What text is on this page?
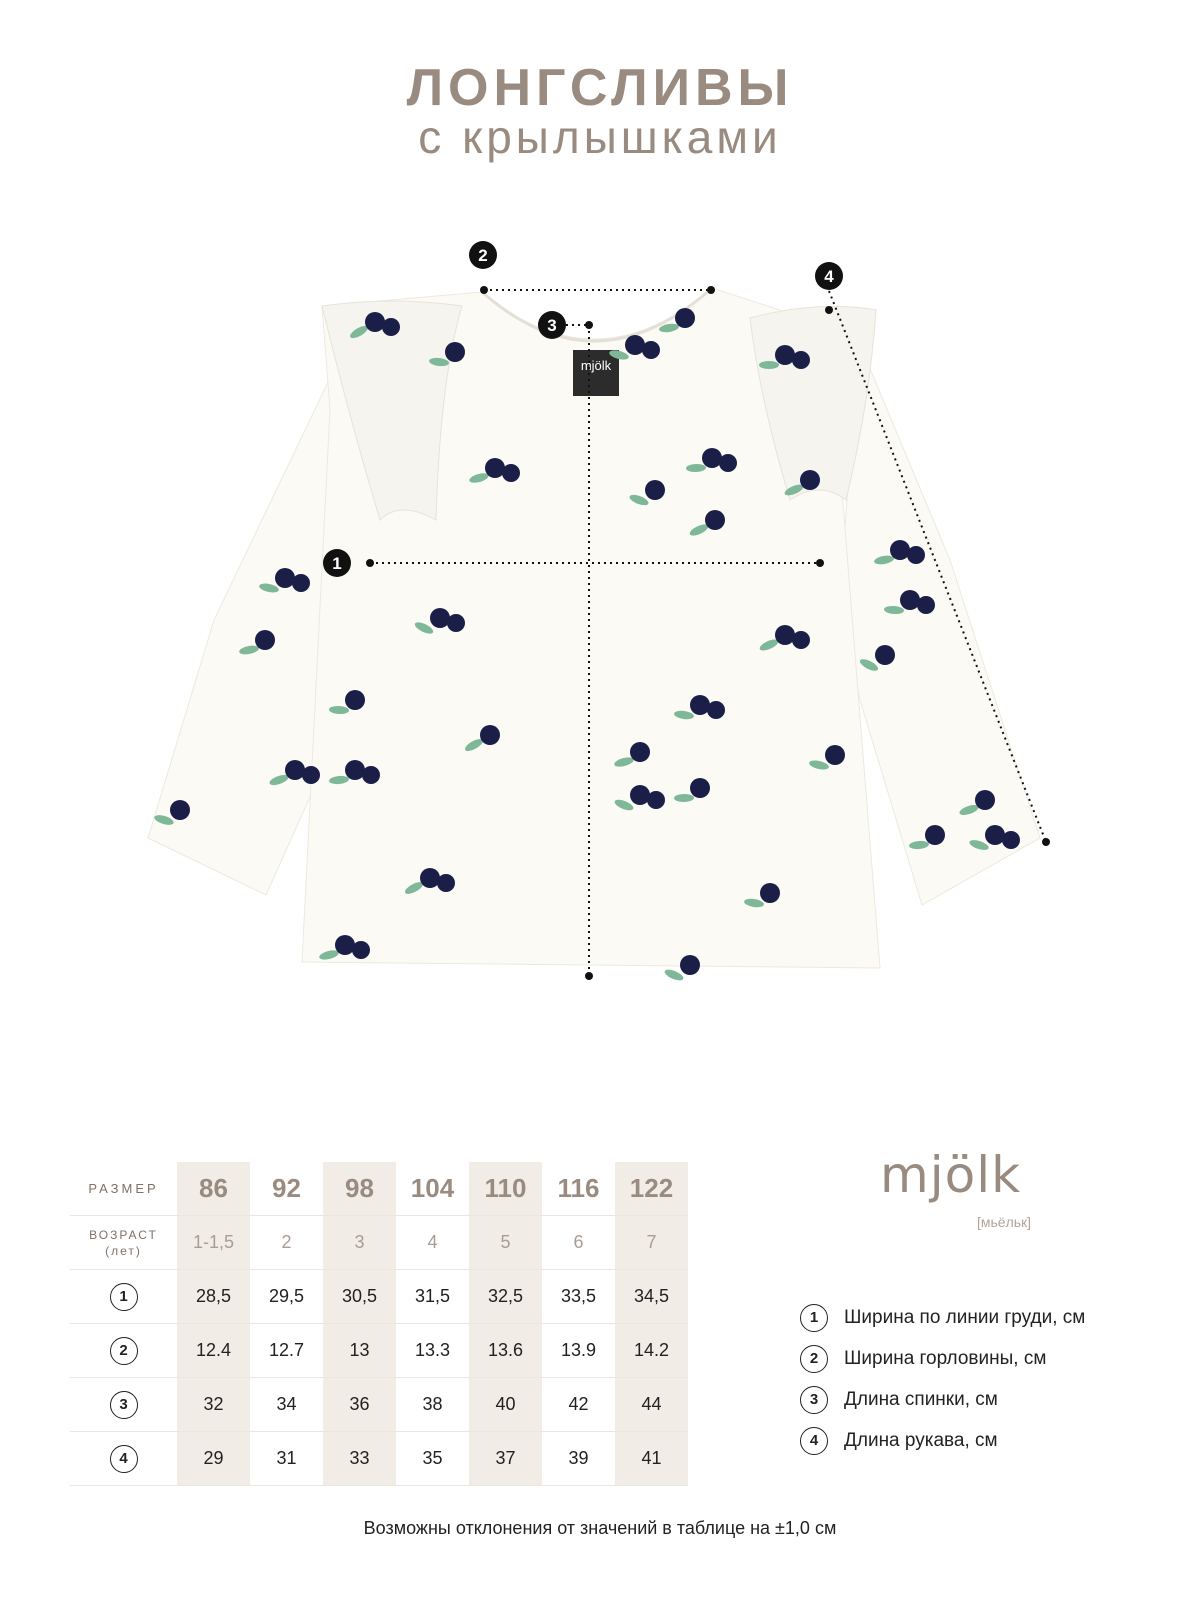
ЛОНГСЛИВЫ
с крылышками
mjölk
2
3
1
4
РАЗМЕР	86	92	98	104	110	116	122

ВОЗРАСТ
(лет)	1-1,5	2	3	4	5	6	7
1	28,5	29,5	30,5	31,5	32,5	33,5	34,5
2	12.4	12.7	13	13.3	13.6	13.9	14.2
3	32	34	36	38	40	42	44
4	29	31	33	35	37	39	41
mjölk
[мьёльк]
1	Ширина по линии груди, см
2	Ширина горловины, см
3	Длина спинки, см
4	Длина рукава, см
Возможны отклонения от значений в таблице на ±1,0 см
